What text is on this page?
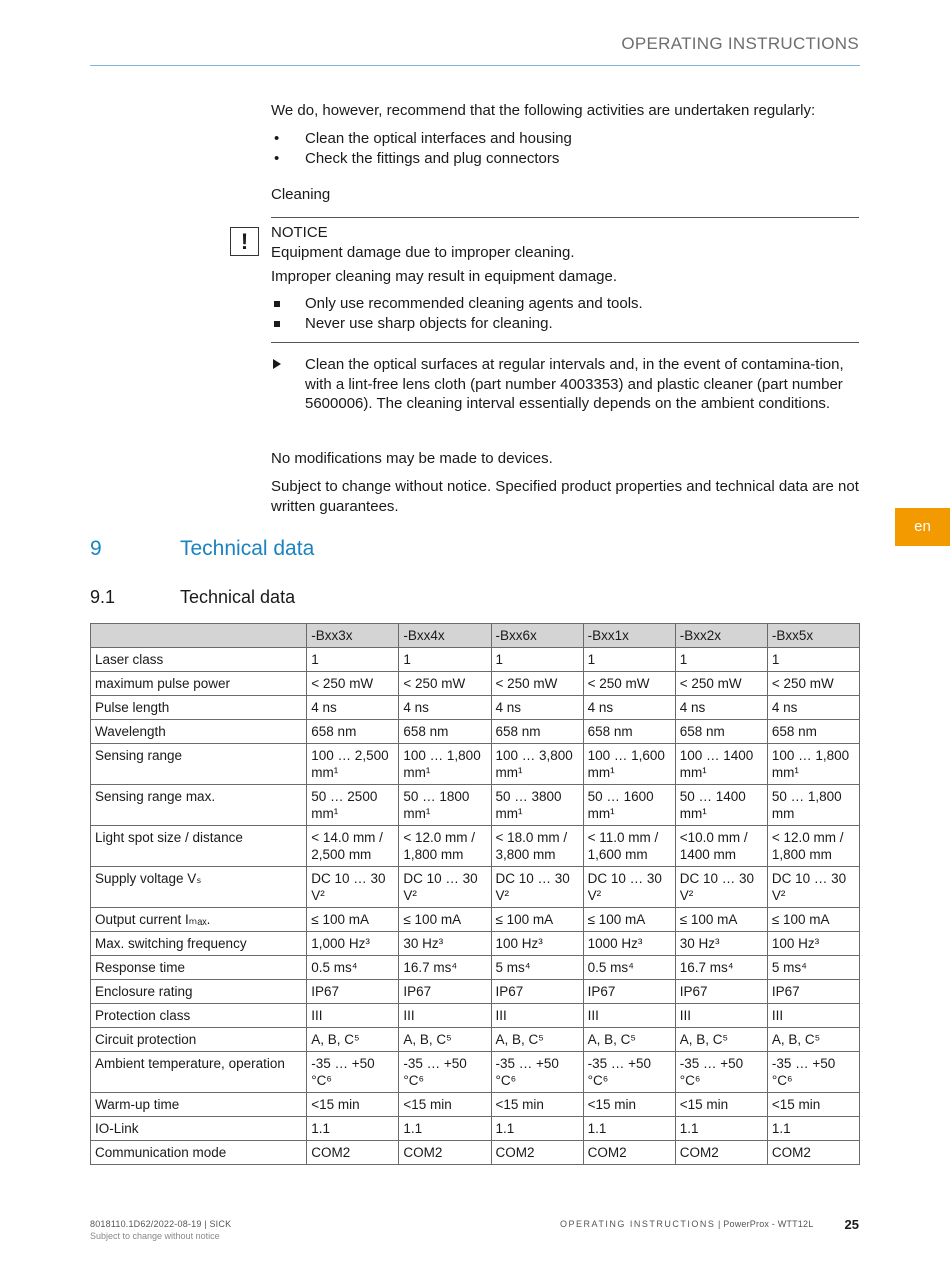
OPERATING INSTRUCTIONS
We do, however, recommend that the following activities are undertaken regularly:
• Clean the optical interfaces and housing
• Check the fittings and plug connectors
Cleaning
!	NOTICE
Equipment damage due to improper cleaning.
Improper cleaning may result in equipment damage.
Only use recommended cleaning agents and tools.
Never use sharp objects for cleaning.
Clean the optical surfaces at regular intervals and, in the event of contamina-tion, with a lint-free lens cloth (part number 4003353) and plastic cleaner (part number 5600006). The cleaning interval essentially depends on the ambient conditions.
No modifications may be made to devices.
Subject to change without notice. Specified product properties and technical data are not written guarantees.
en
9	Technical data
9.1	Technical data
	-Bxx3x	-Bxx4x	-Bxx6x	-Bxx1x	-Bxx2x	-Bxx5x
Laser class	1	1	1	1	1	1
maximum pulse power	< 250 mW	< 250 mW	< 250 mW	< 250 mW	< 250 mW	< 250 mW
Pulse length	4 ns	4 ns	4 ns	4 ns	4 ns	4 ns
Wavelength	658 nm	658 nm	658 nm	658 nm	658 nm	658 nm
Sensing range	100 … 2,500 mm¹	100 … 1,800 mm¹	100 … 3,800 mm¹	100 … 1,600 mm¹	100 … 1400 mm¹	100 … 1,800 mm¹
Sensing range max.	50 … 2500 mm¹	50 … 1800 mm¹	50 … 3800 mm¹	50 … 1600 mm¹	50 … 1400 mm¹	50 … 1,800 mm
Light spot size / distance	< 14.0 mm / 2,500 mm	< 12.0 mm / 1,800 mm	< 18.0 mm / 3,800 mm	< 11.0 mm / 1,600 mm	<10.0 mm / 1400 mm	< 12.0 mm / 1,800 mm
Supply voltage Vₛ	DC 10 … 30 V²	DC 10 … 30 V²	DC 10 … 30 V²	DC 10 … 30 V²	DC 10 … 30 V²	DC 10 … 30 V²
Output current Iₘₐₓ.	≤ 100 mA	≤ 100 mA	≤ 100 mA	≤ 100 mA	≤ 100 mA	≤ 100 mA
Max. switching frequency	1,000 Hz³	30 Hz³	100 Hz³	1000 Hz³	30 Hz³	100 Hz³
Response time	0.5 ms⁴	16.7 ms⁴	5 ms⁴	0.5 ms⁴	16.7 ms⁴	5 ms⁴
Enclosure rating	IP67	IP67	IP67	IP67	IP67	IP67
Protection class	III	III	III	III	III	III
Circuit protection	A, B, C⁵	A, B, C⁵	A, B, C⁵	A, B, C⁵	A, B, C⁵	A, B, C⁵
Ambient temperature, operation	-35 … +50 °C⁶	-35 … +50 °C⁶	-35 … +50 °C⁶	-35 … +50 °C⁶	-35 … +50 °C⁶	-35 … +50 °C⁶
Warm-up time	<15 min	<15 min	<15 min	<15 min	<15 min	<15 min
IO-Link	1.1	1.1	1.1	1.1	1.1	1.1
Communication mode	COM2	COM2	COM2	COM2	COM2	COM2
8018110.1D62/2022-08-19 | SICK
Subject to change without notice
OPERATING INSTRUCTIONS | PowerProx - WTT12L 25
